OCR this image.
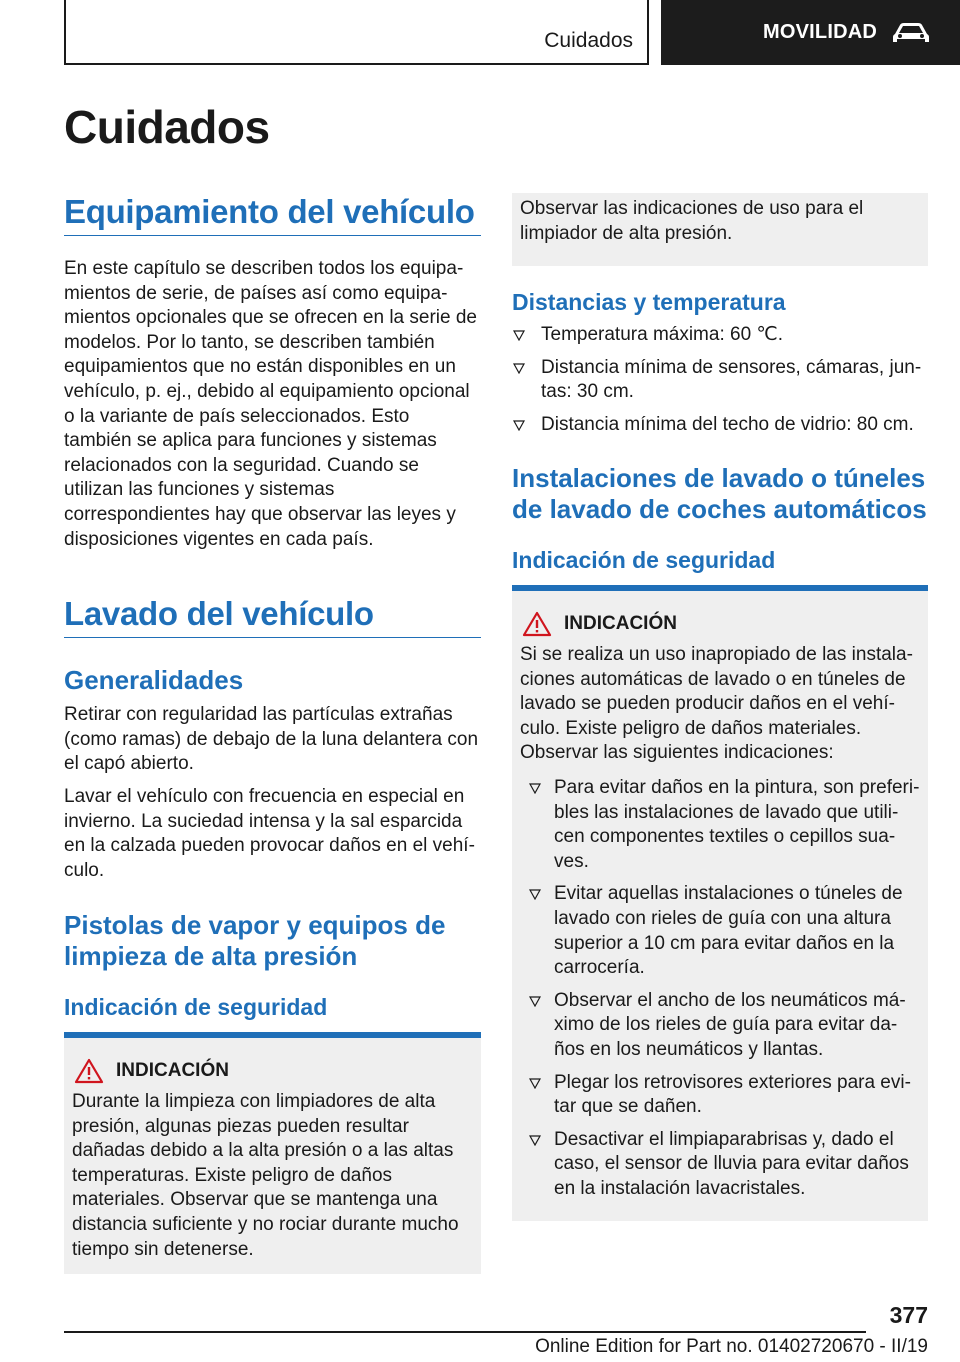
Cuidados	MOVILIDAD
Cuidados
Equipamiento del vehículo
En este capítulo se describen todos los equipamientos de serie, de países así como equipamientos opcionales que se ofrecen en la serie de modelos. Por lo tanto, se describen también equipamientos que no están disponibles en un vehículo, p. ej., debido al equipamiento opcional o la variante de país seleccionados. Esto también se aplica para funciones y sistemas relacionados con la seguridad. Cuando se utilizan las funciones y sistemas correspondientes hay que observar las leyes y disposiciones vigentes en cada país.
Lavado del vehículo
Generalidades
Retirar con regularidad las partículas extrañas (como ramas) de debajo de la luna delantera con el capó abierto.
Lavar el vehículo con frecuencia en especial en invierno. La suciedad intensa y la sal esparcida en la calzada pueden provocar daños en el vehículo.
Pistolas de vapor y equipos de limpieza de alta presión
Indicación de seguridad
INDICACIÓN
Durante la limpieza con limpiadores de alta presión, algunas piezas pueden resultar dañadas debido a la alta presión o a las altas temperaturas. Existe peligro de daños materiales. Observar que se mantenga una distancia suficiente y no rociar durante mucho tiempo sin detenerse.
Observar las indicaciones de uso para el limpiador de alta presión.
Distancias y temperatura
Temperatura máxima: 60 ℃.
Distancia mínima de sensores, cámaras, juntas: 30 cm.
Distancia mínima del techo de vidrio: 80 cm.
Instalaciones de lavado o túneles de lavado de coches automáticos
Indicación de seguridad
INDICACIÓN
Si se realiza un uso inapropiado de las instalaciones automáticas de lavado o en túneles de lavado se pueden producir daños en el vehículo. Existe peligro de daños materiales. Observar las siguientes indicaciones:
Para evitar daños en la pintura, son preferibles las instalaciones de lavado que utilicen componentes textiles o cepillos suaves.
Evitar aquellas instalaciones o túneles de lavado con rieles de guía con una altura superior a 10 cm para evitar daños en la carrocería.
Observar el ancho de los neumáticos máximo de los rieles de guía para evitar daños en los neumáticos y llantas.
Plegar los retrovisores exteriores para evitar que se dañen.
Desactivar el limpiaparabrisas y, dado el caso, el sensor de lluvia para evitar daños en la instalación lavacristales.
377
Online Edition for Part no. 01402720670 - II/19
